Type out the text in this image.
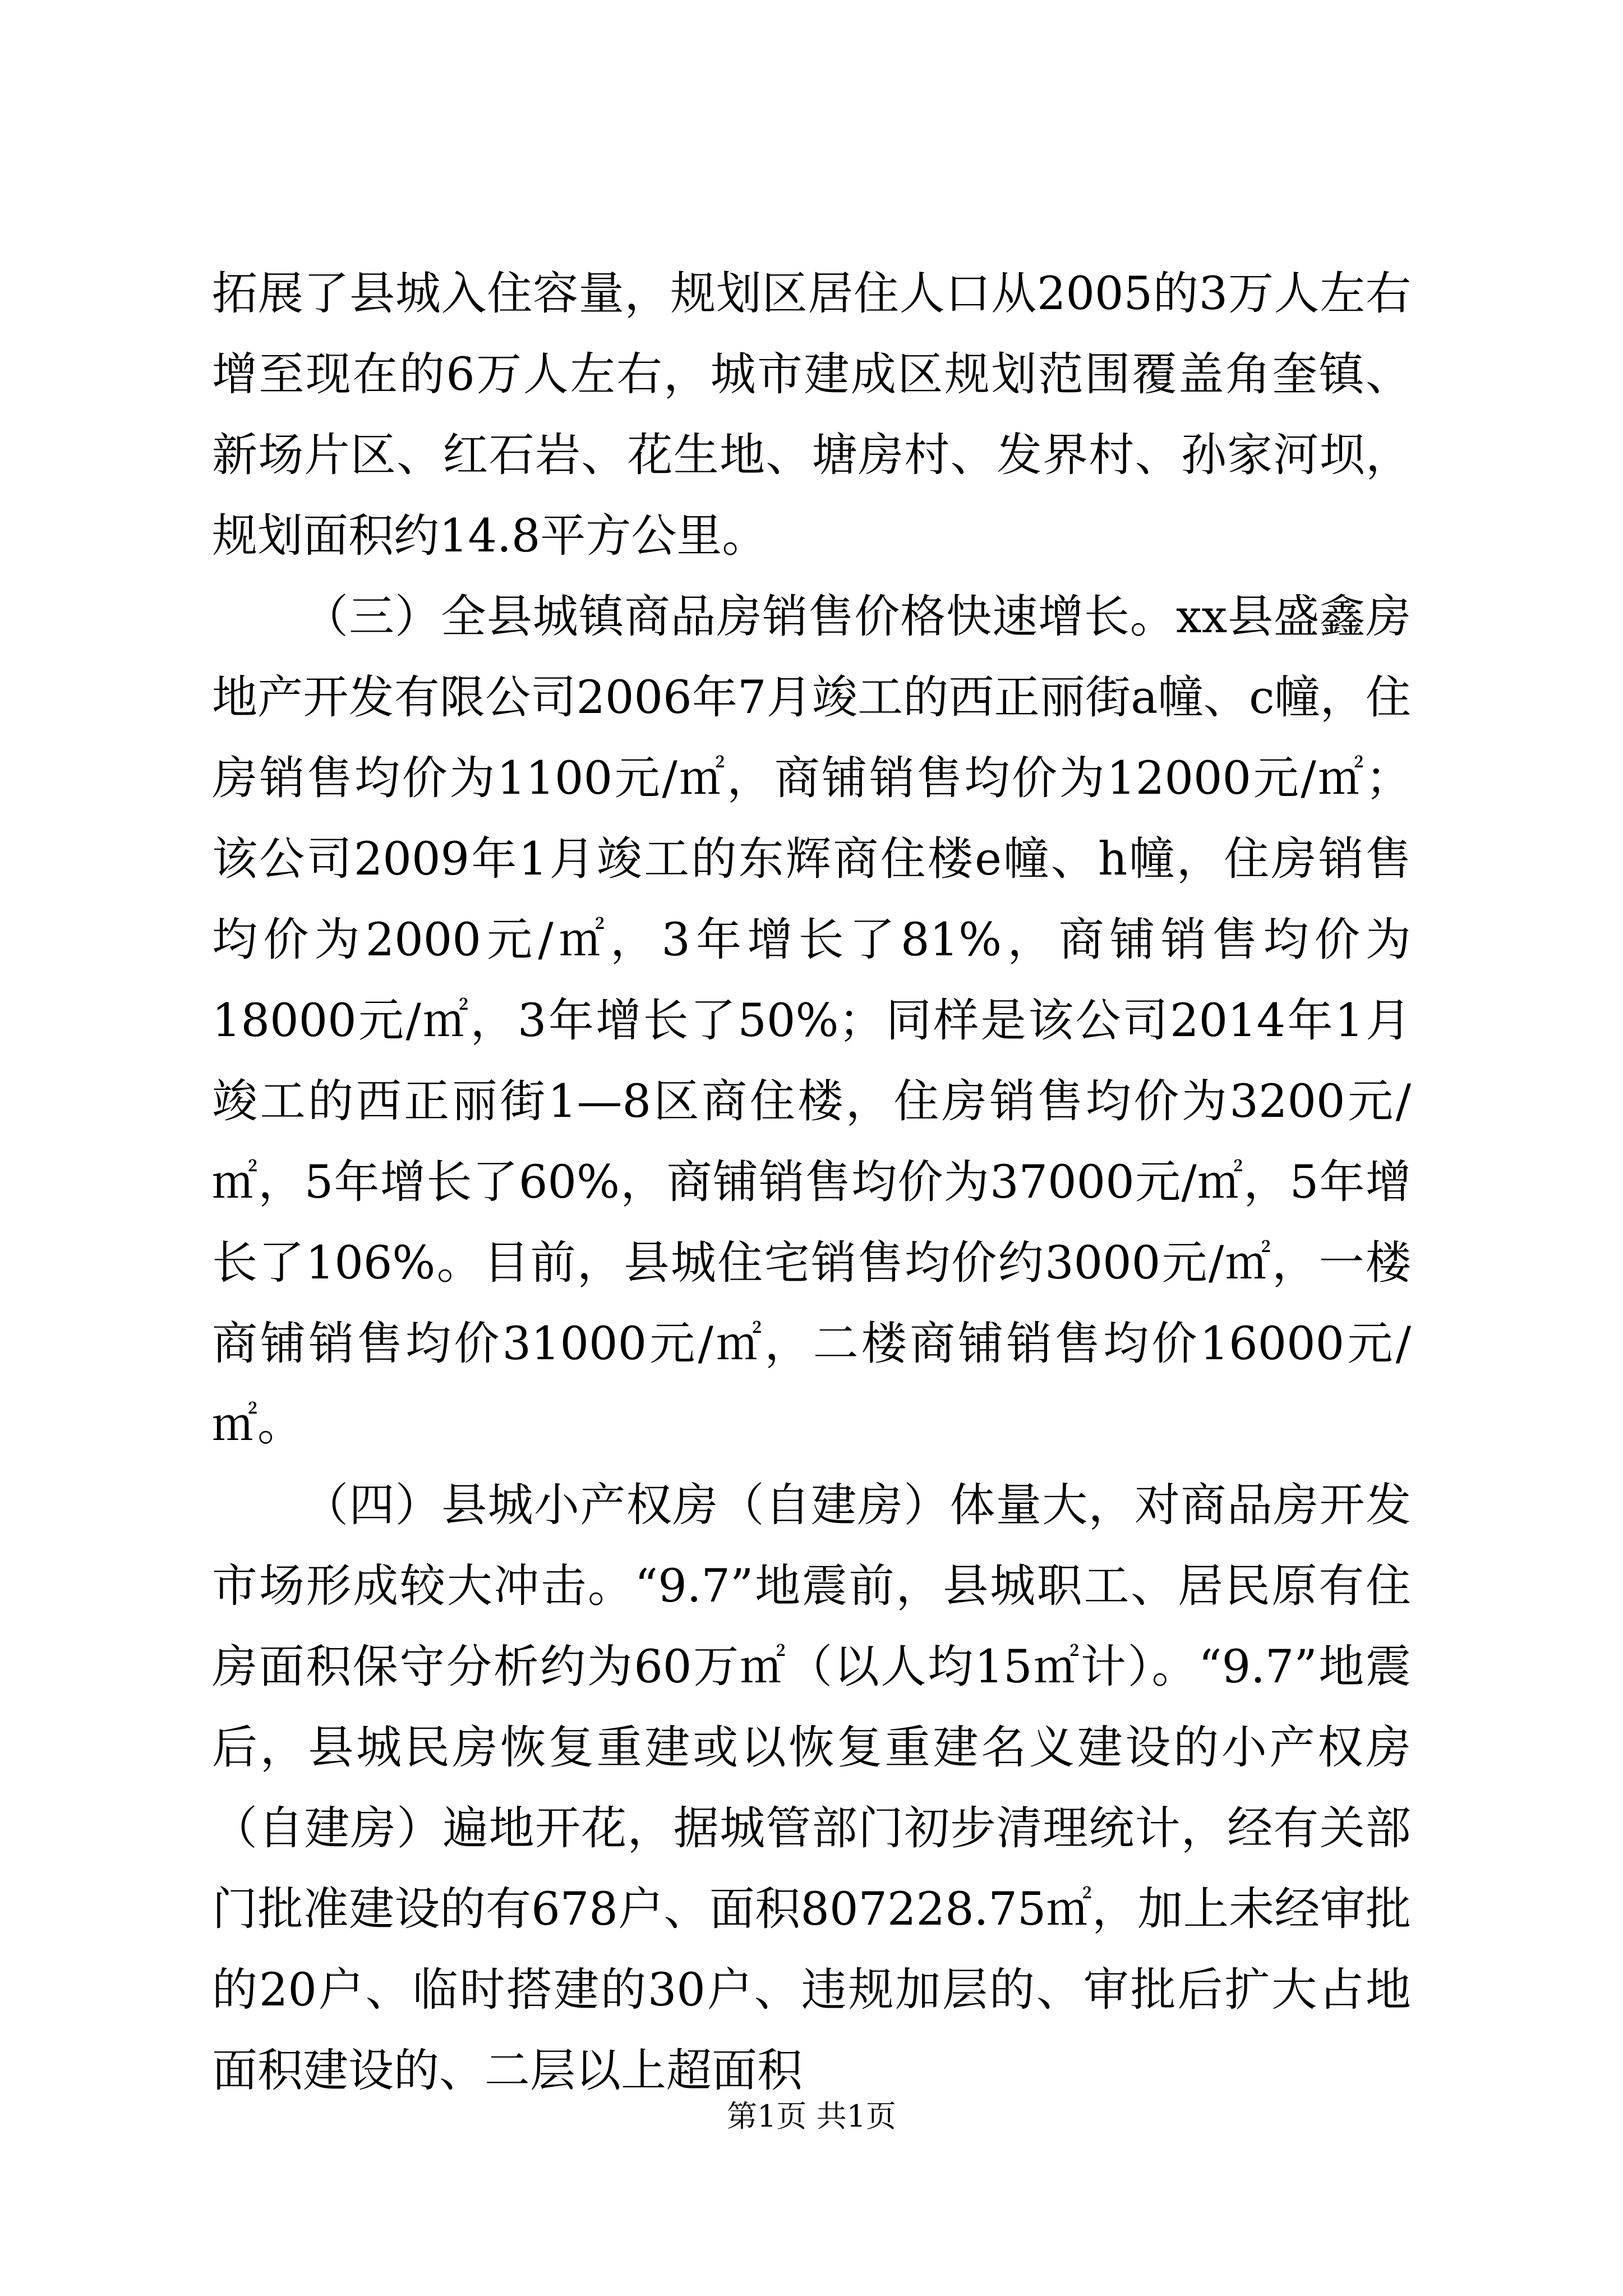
拓展了县城入住容量，规划区居住人口从2005的3万人左右增至现在的6万人左右，城市建成区规划范围覆盖角奎镇、新场片区、红石岩、花生地、塘房村、发界村、孙家河坝，规划面积约14.8平方公里。

（三）全县城镇商品房销售价格快速增长。xx县盛鑫房地产开发有限公司2006年7月竣工的西正丽街a幢、c幢，住房销售均价为1100元/㎡，商铺销售均价为12000元/㎡；该公司2009年1月竣工的东辉商住楼e幢、h幢，住房销售均价为2000元/㎡，3年增长了81%，商铺销售均价为18000元/㎡，3年增长了50%；同样是该公司2014年1月竣工的西正丽街1—8区商住楼，住房销售均价为3200元/㎡，5年增长了60%，商铺销售均价为37000元/㎡，5年增长了106%。目前，县城住宅销售均价约3000元/㎡，一楼商铺销售均价31000元/㎡，二楼商铺销售均价16000元/㎡。

（四）县城小产权房（自建房）体量大，对商品房开发市场形成较大冲击。“9.7”地震前，县城职工、居民原有住房面积保守分析约为60万㎡（以人均15㎡计）。“9.7”地震后，县城民房恢复重建或以恢复重建名义建设的小产权房（自建房）遍地开花，据城管部门初步清理统计，经有关部门批准建设的有678户、面积807228.75㎡，加上未经审批的20户、临时搭建的30户、违规加层的、审批后扩大占地面积建设的、二层以上超面积

第1页 共1页
